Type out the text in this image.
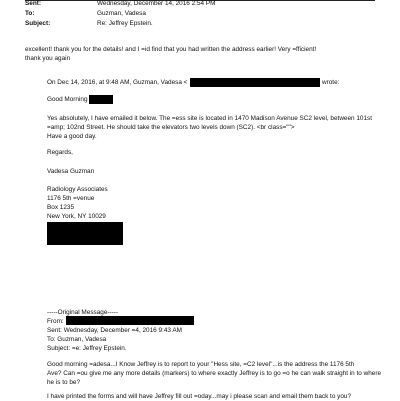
Sent:	Wednesday, December 14, 2016 2:54 PM
To:	Guzman, Vadesa
Subject:	Re: Jeffrey Epstein.
excellent! thank you for the details! and I =id find that you had written the address earlier! Very =fficient!
thank you again
On Dec 14, 2016, at 9:48 AM, Guzman, Vadesa <	wrote:
Good Morning
Yes absolutely, I have emailed it below. The =ess site is located in 1470 Madison Avenue SC2 level, between 101st
=amp; 102nd Street. He should take the elevators two levels down (SC2). <br class="">
Have a good day.
Regards,
Vadesa Guzman
Radiology Associates
1176 5th =venue
Box 1235
New York, NY 10029
-----Original Message-----
From:
Sent: Wednesday, December =4, 2016 9:43 AM
To: Guzman, Vadesa
Subject: =e: Jeffrey Epstein.
Good morning =adesa...I Know Jeffrey is to report to your "Hess site, =C2 level"...is the address the 1176 5th
Ave? Can =ou give me any more details (markers) to where exactly Jeffrey is to go =o he can walk straight in to where
he is to be?
I have printed the forms and will have Jeffrey fill out =oday...may i please scan and email them back to you?
